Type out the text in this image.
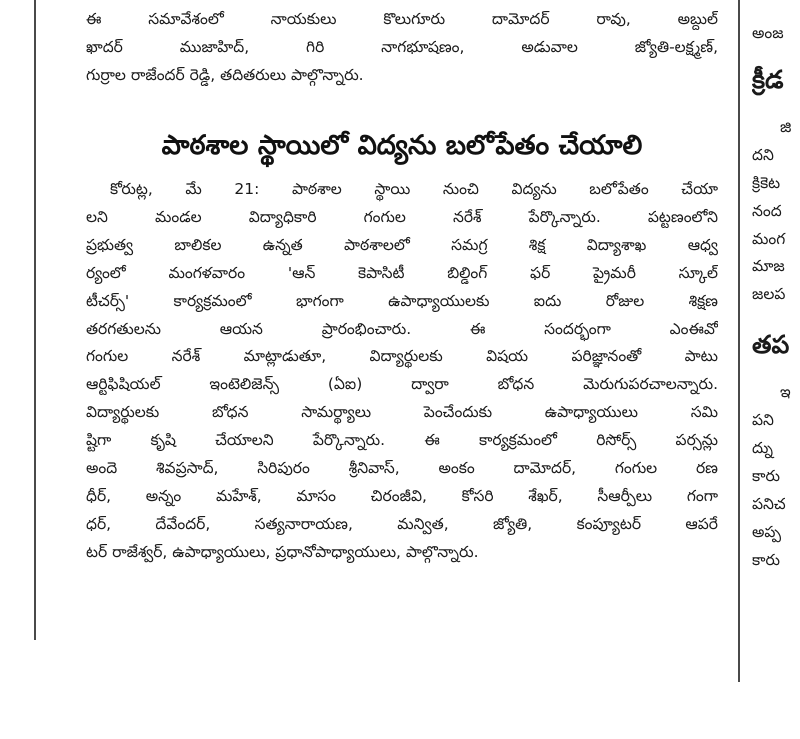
ఈ సమావేశంలో నాయకులు కొలుగూరు దామోదర్ రావు, అబ్దుల్
ఖాదర్ ముజాహిద్, గిరి నాగభూషణం, అడువాల జ్యోతి-లక్ష్మణ్,
గుర్రాల రాజేందర్ రెడ్డి, తదితరులు పాల్గొన్నారు.
పాఠశాల స్థాయిలో విద్యను బలోపేతం చేయాలి
కోరుట్ల, మే 21: పాఠశాల స్థాయి నుంచి విద్యను బలోపేతం చేయా
లని మండల విద్యాధికారి గంగుల నరేశ్ పేర్కొన్నారు. పట్టణంలోని
ప్రభుత్వ బాలికల ఉన్నత పాఠశాలలో సమగ్ర శిక్ష విద్యాశాఖ ఆధ్వ
ర్యంలో మంగళవారం 'ఆన్ కెపాసిటీ బిల్డింగ్ ఫర్ ప్రైమరీ స్కూల్
టీచర్స్' కార్యక్రమంలో భాగంగా ఉపాధ్యాయులకు ఐదు రోజుల శిక్షణ
తరగతులను ఆయన ప్రారంభించారు. ఈ సందర్భంగా ఎంఈవో
గంగుల నరేశ్ మాట్లాడుతూ, విద్యార్థులకు విషయ పరిజ్ఞానంతో పాటు
ఆర్టిఫిషియల్ ఇంటెలిజెన్స్ (ఏఐ) ద్వారా బోధన మెరుగుపరచాలన్నారు.
విద్యార్థులకు బోధన సామర్థ్యాలు పెంచేందుకు ఉపాధ్యాయులు సమి
ష్టిగా కృషి చేయాలని పేర్కొన్నారు. ఈ కార్యక్రమంలో రిసోర్స్ పర్సన్లు
అందె శివప్రసాద్, సిరిపురం శ్రీనివాస్, అంకం దామోదర్, గంగుల రణ
ధీర్, అన్నం మహేశ్, మాసం చిరంజీవి, కోసరి శేఖర్, సీఆర్పీలు గంగా
ధర్, దేవేందర్, సత్యనారాయణ, మన్విత, జ్యోతి, కంప్యూటర్ ఆపరే
టర్ రాజేశ్వర్, ఉపాధ్యాయులు, ప్రధానోపాధ్యాయులు, పాల్గొన్నారు.
అంజ
క్రీడ
జి
దని
క్రికెట
నంద
మంగ
మాజ
జలప
తప
ఇ
పని
ద్ను
కారు
పనిచ
అప్ప
కారు
